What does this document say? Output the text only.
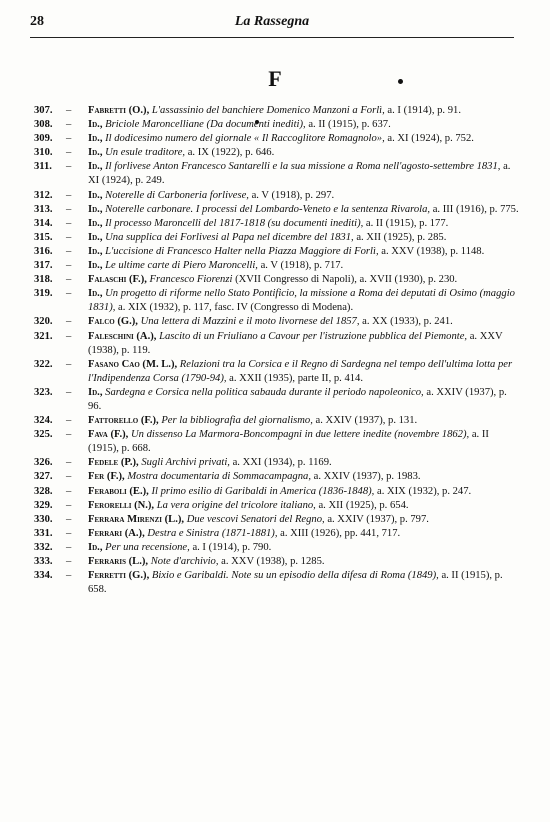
28	La Rassegna
F
307. – Fabretti (O.), L'assassinio del banchiere Domenico Manzoni a Forlì, a. I (1914), p. 91.
308. – Id., Briciole Maroncelliane (Da documenti inediti), a. II (1915), p. 637.
309. – Id., Il dodicesimo numero del giornale « Il Raccoglitore Romagnolo», a. XI (1924), p. 752.
310. – Id., Un esule traditore, a. IX (1922), p. 646.
311. – Id., Il forlivese Anton Francesco Santarelli e la sua missione a Roma nell'agosto-settembre 1831, a. XI (1924), p. 249.
312. – Id., Noterelle di Carboneria forlivese, a. V (1918), p. 297.
313. – Id., Noterelle carbonare. I processi del Lombardo-Veneto e la sentenza Rivarola, a. III (1916), p. 775.
314. – Id., Il processo Maroncelli del 1817-1818 (su documenti inediti), a. II (1915), p. 177.
315. – Id., Una supplica dei Forlivesi al Papa nel dicembre del 1831, a. XII (1925), p. 285.
316. – Id., L'uccisione di Francesco Halter nella Piazza Maggiore di Forlì, a. XXV (1938), p. 1148.
317. – Id., Le ultime carte di Piero Maroncelli, a. V (1918), p. 717.
318. – Falaschi (F.), Francesco Fiorenzi (XVII Congresso di Napoli), a. XVII (1930), p. 230.
319. – Id., Un progetto di riforme nello Stato Pontificio, la missione a Roma dei deputati di Osimo (maggio 1831), a. XIX (1932), p. 117, fasc. IV (Congresso di Modena).
320. – Falco (G.), Una lettera di Mazzini e il moto livornese del 1857, a. XX (1933), p. 241.
321. – Faleschini (A.), Lascito di un Friuliano a Cavour per l'istruzione pubblica del Piemonte, a. XXV (1938), p. 119.
322. – Fasano Cao (M. L.), Relazioni tra la Corsica e il Regno di Sardegna nel tempo dell'ultima lotta per l'Indipendenza Corsa (1790-94), a. XXII (1935), parte II, p. 414.
323. – Id., Sardegna e Corsica nella politica sabauda durante il periodo napoleonico, a. XXIV (1937), p. 96.
324. – Fattorello (F.), Per la bibliografia del giornalismo, a. XXIV (1937), p. 131.
325. – Fava (F.), Un dissenso La Marmora-Boncompagni in due lettere inedite (novembre 1862), a. II (1915), p. 668.
326. – Fedele (P.), Sugli Archivi privati, a. XXI (1934), p. 1169.
327. – Fer (F.), Mostra documentaria di Sommacampagna, a. XXIV (1937), p. 1983.
328. – Feraboli (E.), Il primo esilio di Garibaldi in America (1836-1848), a. XIX (1932), p. 247.
329. – Ferorelli (N.), La vera origine del tricolore italiano, a. XII (1925), p. 654.
330. – Ferrara Mirenzi (L.), Due vescovi Senatori del Regno, a. XXIV (1937), p. 797.
331. – Ferrari (A.), Destra e Sinistra (1871-1881), a. XIII (1926), pp. 441, 717.
332. – Id., Per una recensione, a. I (1914), p. 790.
333. – Ferraris (L.), Note d'archivio, a. XXV (1938), p. 1285.
334. – Ferretti (G.), Bixio e Garibaldi. Note su un episodio della difesa di Roma (1849), a. II (1915), p. 658.
